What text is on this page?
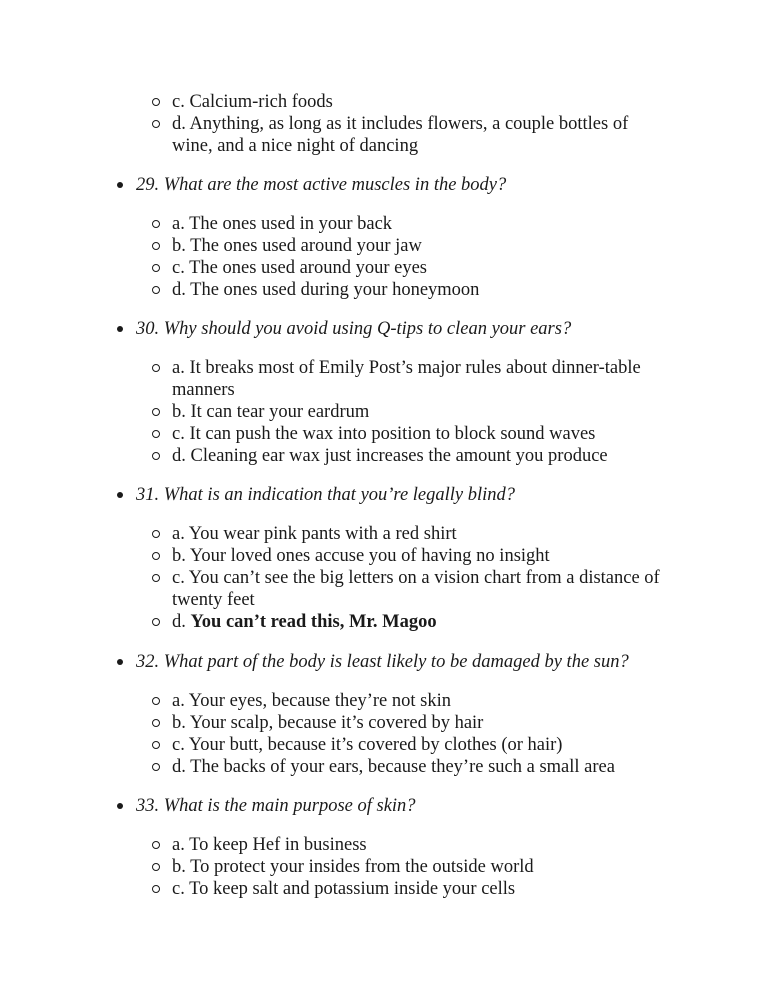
c. Calcium-rich foods
d. Anything, as long as it includes flowers, a couple bottles of
wine, and a nice night of dancing
29. What are the most active muscles in the body?
a. The ones used in your back
b. The ones used around your jaw
c. The ones used around your eyes
d. The ones used during your honeymoon
30. Why should you avoid using Q-tips to clean your ears?
a. It breaks most of Emily Post’s major rules about dinner-table
manners
b. It can tear your eardrum
c. It can push the wax into position to block sound waves
d. Cleaning ear wax just increases the amount you produce
31. What is an indication that you’re legally blind?
a. You wear pink pants with a red shirt
b. Your loved ones accuse you of having no insight
c. You can’t see the big letters on a vision chart from a distance of
twenty feet
d. You can’t read this, Mr. Magoo
32. What part of the body is least likely to be damaged by the sun?
a. Your eyes, because they’re not skin
b. Your scalp, because it’s covered by hair
c. Your butt, because it’s covered by clothes (or hair)
d. The backs of your ears, because they’re such a small area
33. What is the main purpose of skin?
a. To keep Hef in business
b. To protect your insides from the outside world
c. To keep salt and potassium inside your cells
